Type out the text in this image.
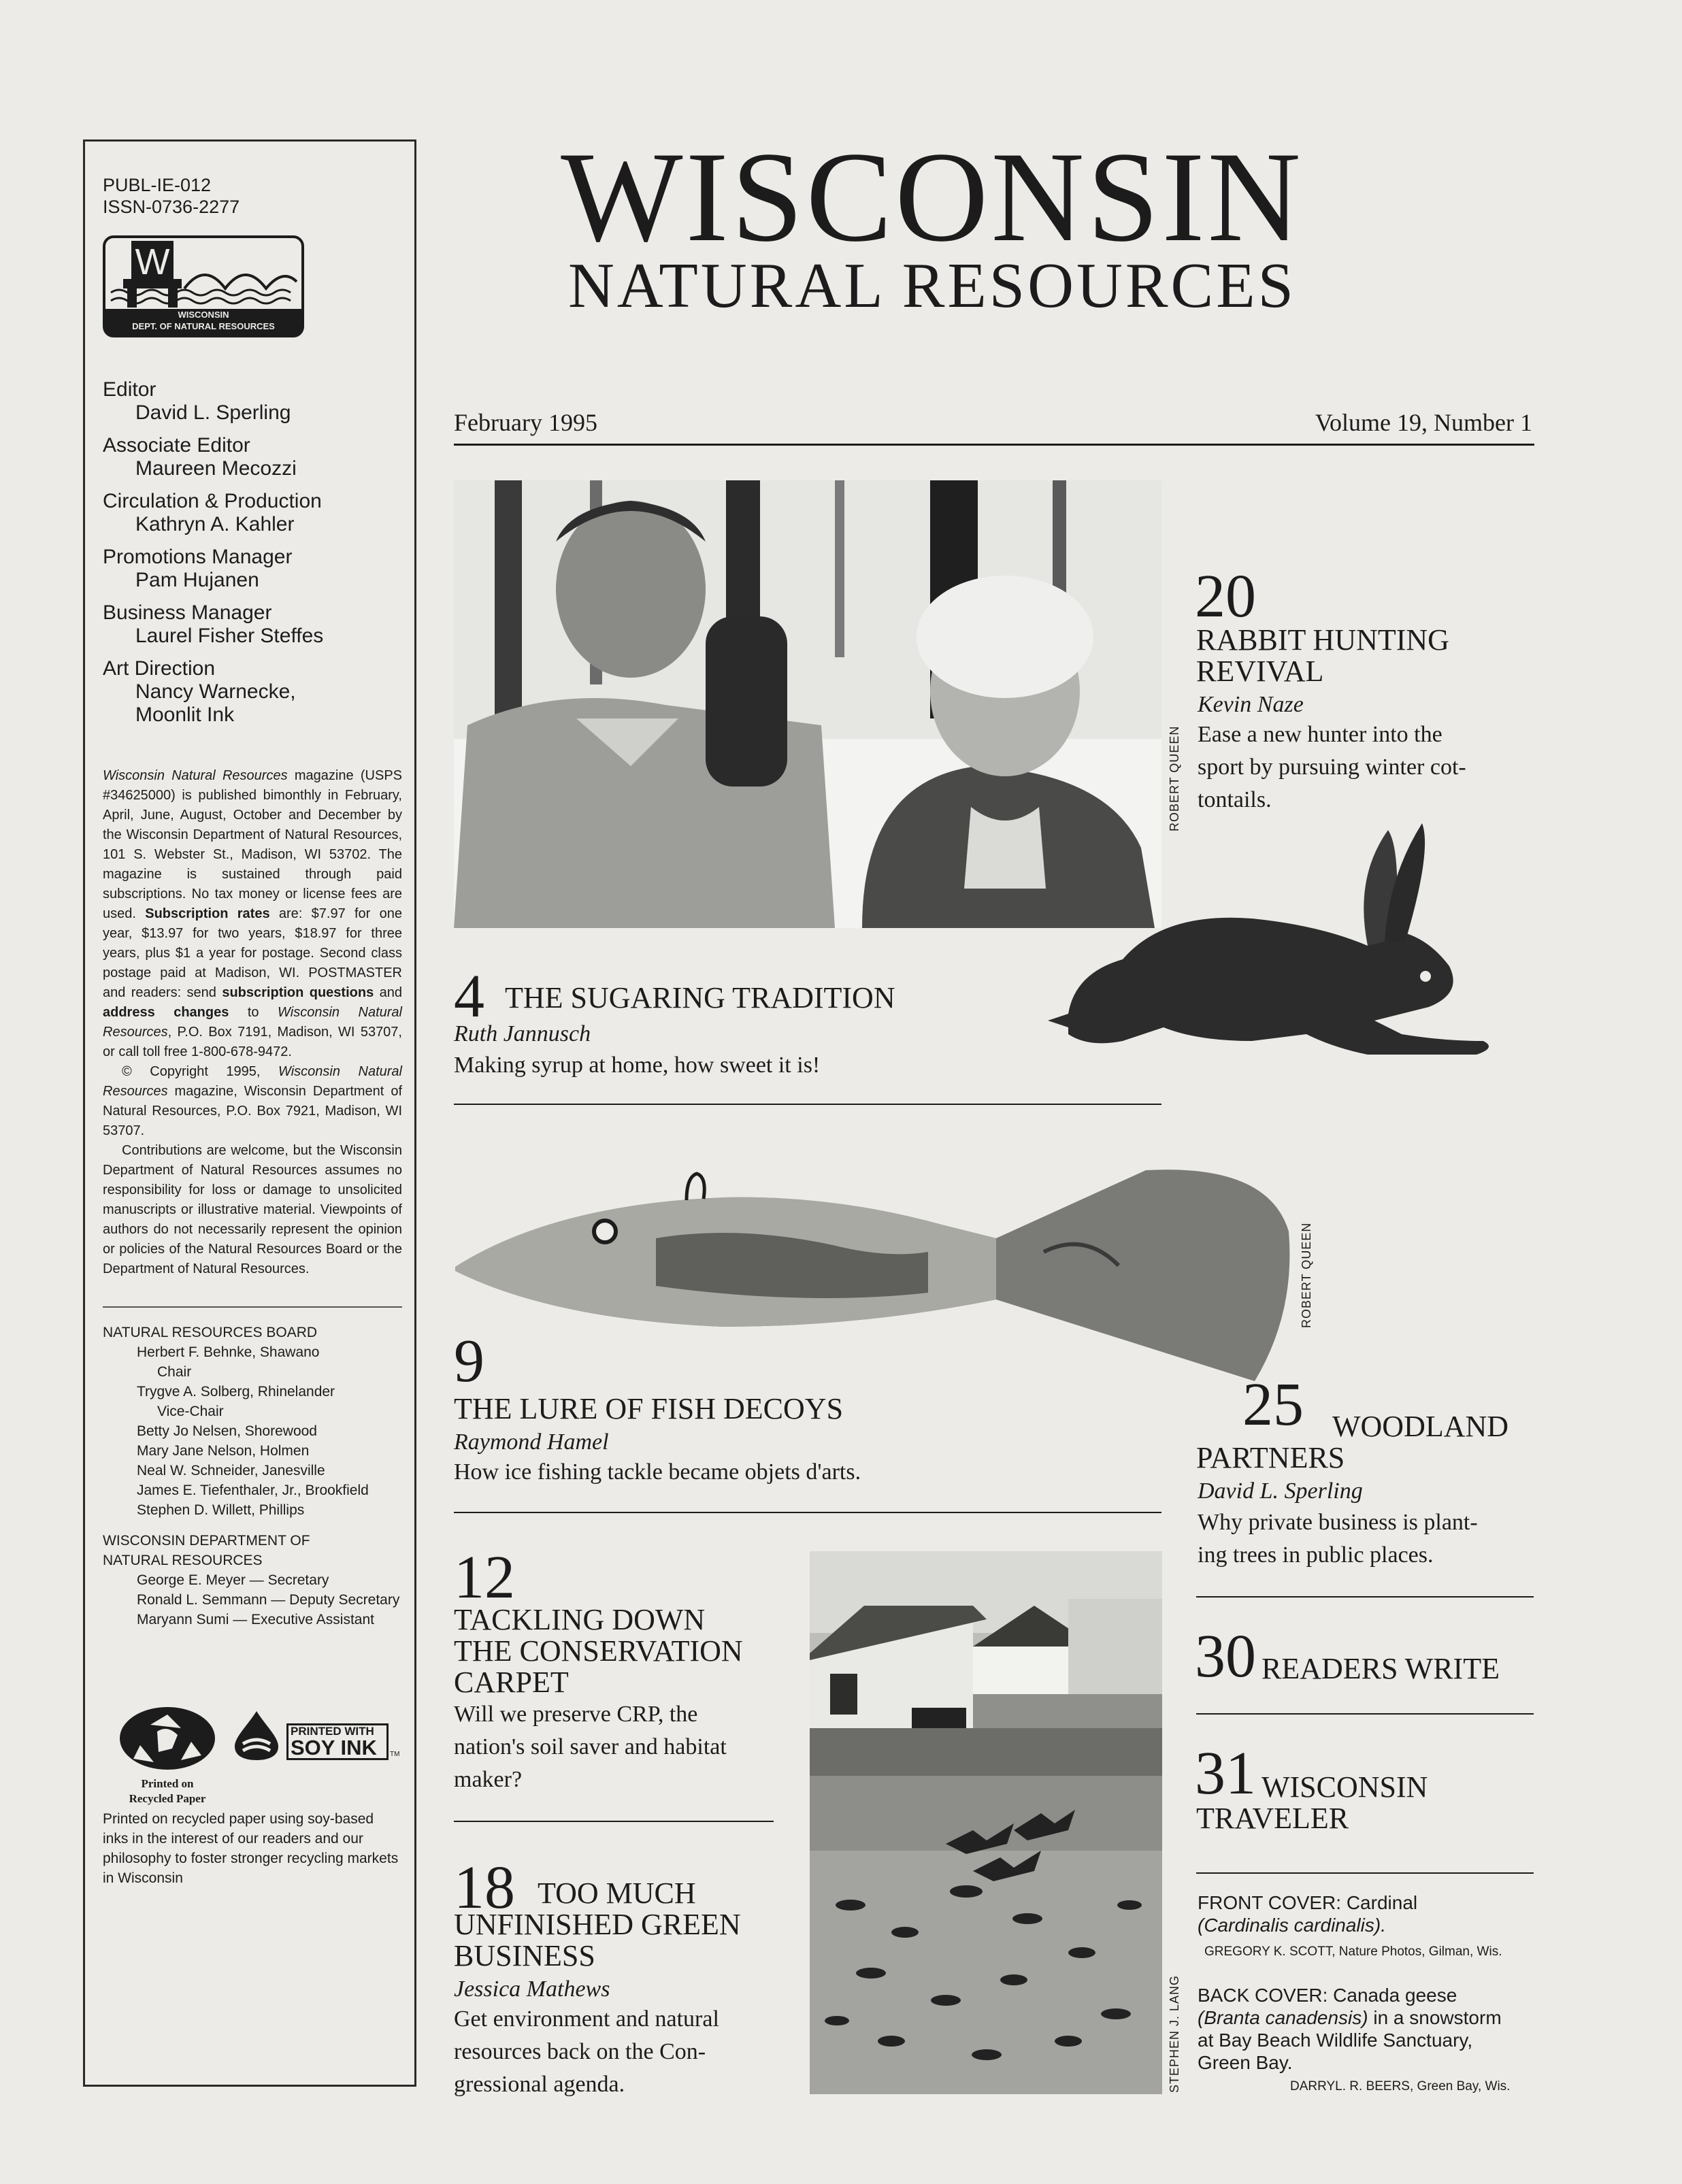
PUBL-IE-012
ISSN-0736-2277
W
WISCONSIN
DEPT. OF NATURAL RESOURCES
Editor
David L. Sperling
Associate Editor
Maureen Mecozzi
Circulation & Production
Kathryn A. Kahler
Promotions Manager
Pam Hujanen
Business Manager
Laurel Fisher Steffes
Art Direction
Nancy Warnecke,
Moonlit Ink

Wisconsin Natural Resources magazine (USPS #34625000) is published bimonthly in February, April, June, August, October and December by the Wisconsin Department of Natural Resources, 101 S. Webster St., Madison, WI 53702. The magazine is sustained through paid subscriptions. No tax money or license fees are used. Subscription rates are: $7.97 for one year, $13.97 for two years, $18.97 for three years, plus $1 a year for postage. Second class postage paid at Madison, WI. POSTMASTER and readers: send subscription questions and address changes to Wisconsin Natural Resources, P.O. Box 7191, Madison, WI 53707, or call toll free 1-800-678-9472.

© Copyright 1995, Wisconsin Natural Resources magazine, Wisconsin Department of Natural Resources, P.O. Box 7921, Madison, WI 53707.

Contributions are welcome, but the Wisconsin Department of Natural Resources assumes no responsibility for loss or damage to unsolicited manuscripts or illustrative material. Viewpoints of authors do not necessarily represent the opinion or policies of the Natural Resources Board or the Department of Natural Resources.

NATURAL RESOURCES BOARD
Herbert F. Behnke, Shawano
Chair
Trygve A. Solberg, Rhinelander
Vice-Chair
Betty Jo Nelsen, Shorewood
Mary Jane Nelson, Holmen
Neal W. Schneider, Janesville
James E. Tiefenthaler, Jr., Brookfield
Stephen D. Willett, Phillips
WISCONSIN DEPARTMENT OF
NATURAL RESOURCES
George E. Meyer — Secretary
Ronald L. Semmann — Deputy Secretary
Maryann Sumi — Executive Assistant
Printed on
Recycled Paper
PRINTED WITH
SOY INK TM
Printed on recycled paper using soy-based inks in the interest of our readers and our philosophy to foster stronger recycling markets in Wisconsin
WISCONSIN
NATURAL RESOURCES
February 1995	Volume 19, Number 1
ROBERT QUEEN
20
RABBIT HUNTING
REVIVAL
Kevin Naze
Ease a new hunter into the
sport by pursuing winter cot-
tontails.
4 THE SUGARING TRADITION
Ruth Jannusch
Making syrup at home, how sweet it is!
ROBERT QUEEN
9
THE LURE OF FISH DECOYS
Raymond Hamel
How ice fishing tackle became objets d'arts.
25 WOODLAND
PARTNERS
David L. Sperling
Why private business is plant-
ing trees in public places.
30 READERS WRITE
31 WISCONSIN
TRAVELER
12
TACKLING DOWN
THE CONSERVATION
CARPET
Will we preserve CRP, the
nation's soil saver and habitat
maker?
18 TOO MUCH
UNFINISHED GREEN
BUSINESS
Jessica Mathews
Get environment and natural
resources back on the Con-
gressional agenda.	STEPHEN J. LANG
FRONT COVER: Cardinal
(Cardinalis cardinalis).
GREGORY K. SCOTT, Nature Photos, Gilman, Wis.
BACK COVER: Canada geese
(Branta canadensis) in a snowstorm
at Bay Beach Wildlife Sanctuary,
Green Bay.
DARRYL. R. BEERS, Green Bay, Wis.
